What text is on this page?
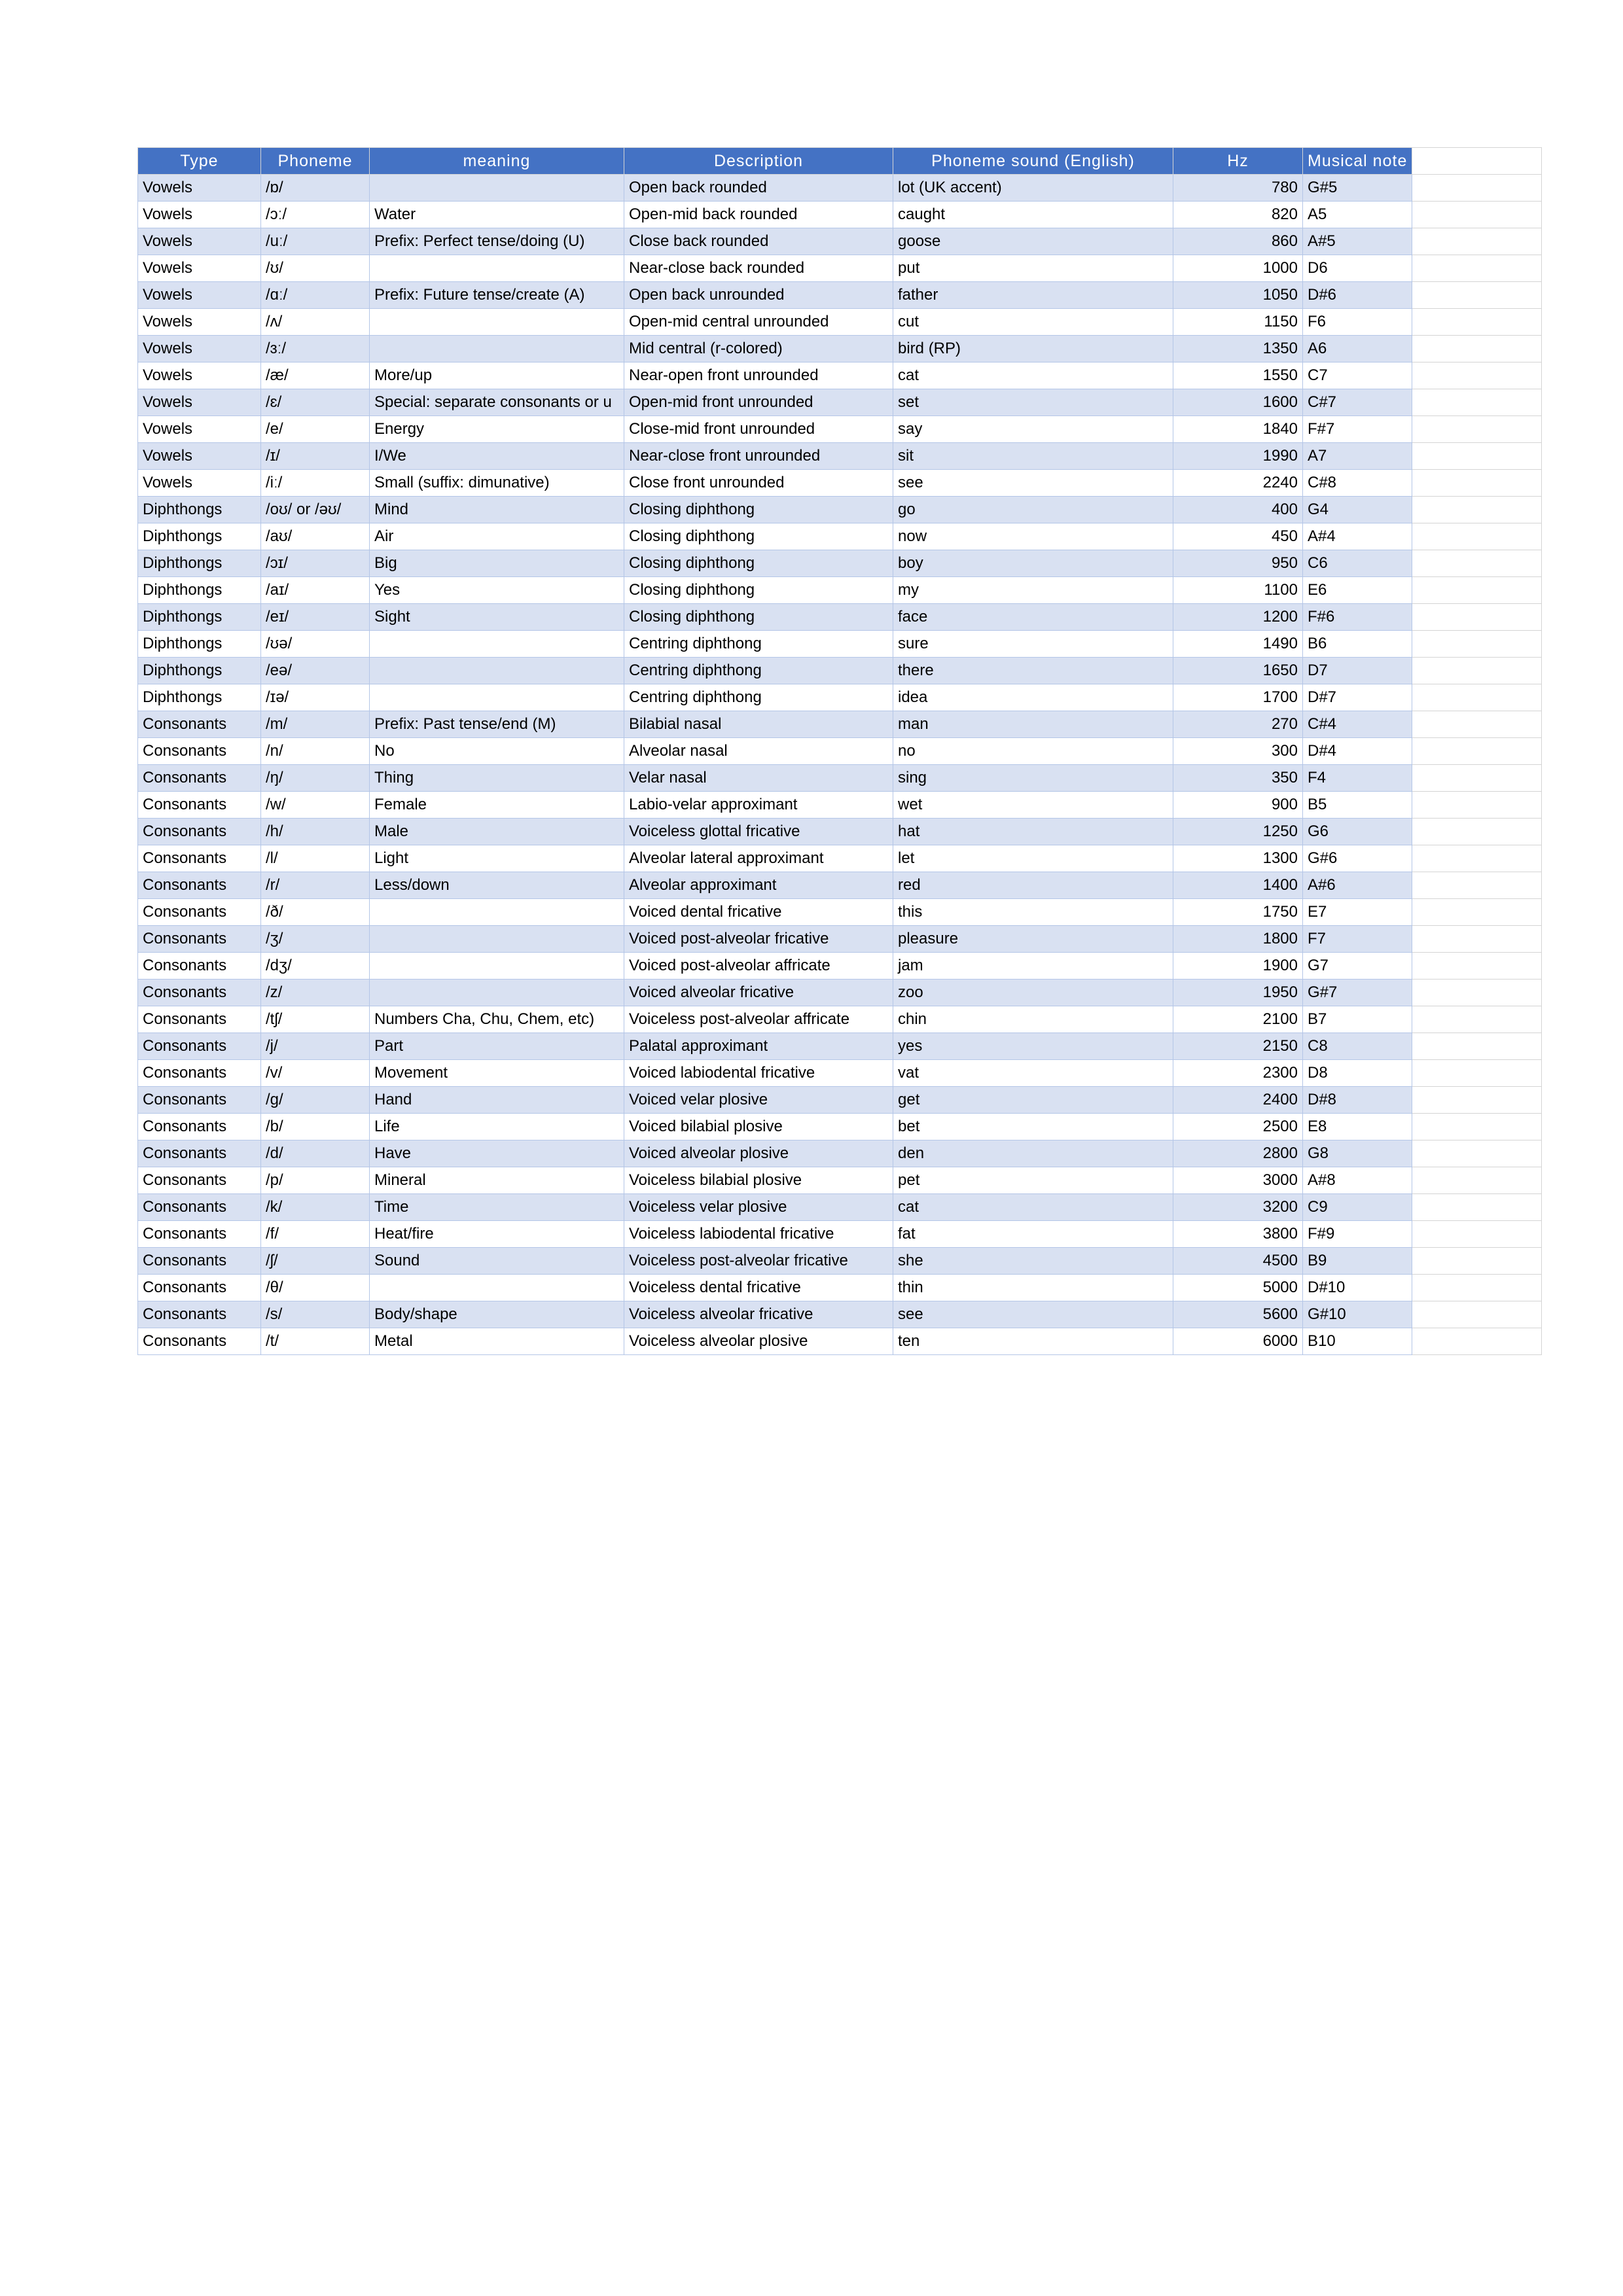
Type	Phoneme	meaning	Description	Phoneme sound (English)	Hz	Musical note	
Vowels	/ɒ/		Open back rounded	lot (UK accent)	780	G#5	
Vowels	/ɔː/	Water	Open-mid back rounded	caught	820	A5	
Vowels	/uː/	Prefix: Perfect tense/doing (U)	Close back rounded	goose	860	A#5	
Vowels	/ʊ/		Near-close back rounded	put	1000	D6	
Vowels	/ɑː/	Prefix: Future tense/create (A)	Open back unrounded	father	1050	D#6	
Vowels	/ʌ/		Open-mid central unrounded	cut	1150	F6	
Vowels	/ɜː/		Mid central (r-colored)	bird (RP)	1350	A6	
Vowels	/æ/	More/up	Near-open front unrounded	cat	1550	C7	
Vowels	/ɛ/	Special: separate consonants or u	Open-mid front unrounded	set	1600	C#7	
Vowels	/e/	Energy	Close-mid front unrounded	say	1840	F#7	
Vowels	/ɪ/	I/We	Near-close front unrounded	sit	1990	A7	
Vowels	/iː/	Small (suffix: dimunative)	Close front unrounded	see	2240	C#8	
Diphthongs	/oʊ/ or /əʊ/	Mind	Closing diphthong	go	400	G4	
Diphthongs	/aʊ/	Air	Closing diphthong	now	450	A#4	
Diphthongs	/ɔɪ/	Big	Closing diphthong	boy	950	C6	
Diphthongs	/aɪ/	Yes	Closing diphthong	my	1100	E6	
Diphthongs	/eɪ/	Sight	Closing diphthong	face	1200	F#6	
Diphthongs	/ʊə/		Centring diphthong	sure	1490	B6	
Diphthongs	/eə/		Centring diphthong	there	1650	D7	
Diphthongs	/ɪə/		Centring diphthong	idea	1700	D#7	
Consonants	/m/	Prefix: Past tense/end (M)	Bilabial nasal	man	270	C#4	
Consonants	/n/	No	Alveolar nasal	no	300	D#4	
Consonants	/ŋ/	Thing	Velar nasal	sing	350	F4	
Consonants	/w/	Female	Labio-velar approximant	wet	900	B5	
Consonants	/h/	Male	Voiceless glottal fricative	hat	1250	G6	
Consonants	/l/	Light	Alveolar lateral approximant	let	1300	G#6	
Consonants	/r/	Less/down	Alveolar approximant	red	1400	A#6	
Consonants	/ð/		Voiced dental fricative	this	1750	E7	
Consonants	/ʒ/		Voiced post-alveolar fricative	pleasure	1800	F7	
Consonants	/dʒ/		Voiced post-alveolar affricate	jam	1900	G7	
Consonants	/z/		Voiced alveolar fricative	zoo	1950	G#7	
Consonants	/tʃ/	Numbers Cha, Chu, Chem, etc)	Voiceless post-alveolar affricate	chin	2100	B7	
Consonants	/j/	Part	Palatal approximant	yes	2150	C8	
Consonants	/v/	Movement	Voiced labiodental fricative	vat	2300	D8	
Consonants	/g/	Hand	Voiced velar plosive	get	2400	D#8	
Consonants	/b/	Life	Voiced bilabial plosive	bet	2500	E8	
Consonants	/d/	Have	Voiced alveolar plosive	den	2800	G8	
Consonants	/p/	Mineral	Voiceless bilabial plosive	pet	3000	A#8	
Consonants	/k/	Time	Voiceless velar plosive	cat	3200	C9	
Consonants	/f/	Heat/fire	Voiceless labiodental fricative	fat	3800	F#9	
Consonants	/ʃ/	Sound	Voiceless post-alveolar fricative	she	4500	B9	
Consonants	/θ/		Voiceless dental fricative	thin	5000	D#10	
Consonants	/s/	Body/shape	Voiceless alveolar fricative	see	5600	G#10	
Consonants	/t/	Metal	Voiceless alveolar plosive	ten	6000	B10	
